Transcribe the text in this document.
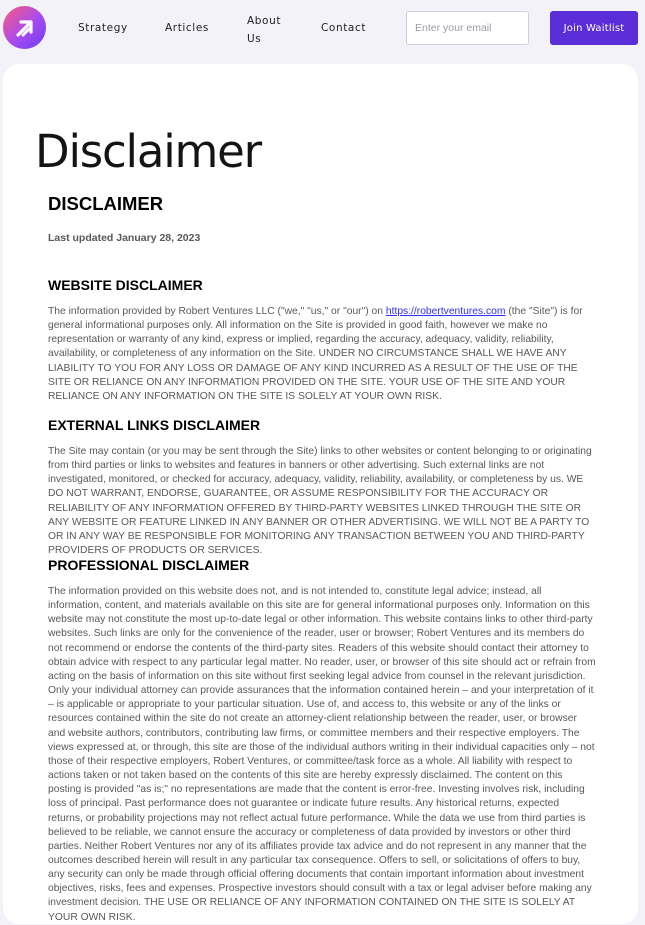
Strategy	Articles
About Us
Contact
Enter your email	Join Waitlist
Disclaimer
DISCLAIMER
Last updated January 28, 2023
WEBSITE DISCLAIMER

The information provided by Robert Ventures LLC ("we," "us," or "our") on https://robertventures.com (the "Site") is for general informational purposes only. All information on the Site is provided in good faith, however we make no representation or warranty of any kind, express or implied, regarding the accuracy, adequacy, validity, reliability, availability, or completeness of any information on the Site. UNDER NO CIRCUMSTANCE SHALL WE HAVE ANY LIABILITY TO YOU FOR ANY LOSS OR DAMAGE OF ANY KIND INCURRED AS A RESULT OF THE USE OF THE SITE OR RELIANCE ON ANY INFORMATION PROVIDED ON THE SITE. YOUR USE OF THE SITE AND YOUR RELIANCE ON ANY INFORMATION ON THE SITE IS SOLELY AT YOUR OWN RISK.

EXTERNAL LINKS DISCLAIMER

The Site may contain (or you may be sent through the Site) links to other websites or content belonging to or originating from third parties or links to websites and features in banners or other advertising. Such external links are not investigated, monitored, or checked for accuracy, adequacy, validity, reliability, availability, or completeness by us. WE DO NOT WARRANT, ENDORSE, GUARANTEE, OR ASSUME RESPONSIBILITY FOR THE ACCURACY OR RELIABILITY OF ANY INFORMATION OFFERED BY THIRD-PARTY WEBSITES LINKED THROUGH THE SITE OR ANY WEBSITE OR FEATURE LINKED IN ANY BANNER OR OTHER ADVERTISING. WE WILL NOT BE A PARTY TO OR IN ANY WAY BE RESPONSIBLE FOR MONITORING ANY TRANSACTION BETWEEN YOU AND THIRD-PARTY PROVIDERS OF PRODUCTS OR SERVICES.

PROFESSIONAL DISCLAIMER

The information provided on this website does not, and is not intended to, constitute legal advice; instead, all information, content, and materials available on this site are for general informational purposes only. Information on this website may not constitute the most up-to-date legal or other information. This website contains links to other third-party websites. Such links are only for the convenience of the reader, user or browser; Robert Ventures and its members do not recommend or endorse the contents of the third-party sites. Readers of this website should contact their attorney to obtain advice with respect to any particular legal matter. No reader, user, or browser of this site should act or refrain from acting on the basis of information on this site without first seeking legal advice from counsel in the relevant jurisdiction. Only your individual attorney can provide assurances that the information contained herein – and your interpretation of it – is applicable or appropriate to your particular situation. Use of, and access to, this website or any of the links or resources contained within the site do not create an attorney-client relationship between the reader, user, or browser and website authors, contributors, contributing law firms, or committee members and their respective employers. The views expressed at, or through, this site are those of the individual authors writing in their individual capacities only – not those of their respective employers, Robert Ventures, or committee/task force as a whole. All liability with respect to actions taken or not taken based on the contents of this site are hereby expressly disclaimed. The content on this posting is provided "as is;" no representations are made that the content is error-free. Investing involves risk, including loss of principal. Past performance does not guarantee or indicate future results. Any historical returns, expected returns, or probability projections may not reflect actual future performance. While the data we use from third parties is believed to be reliable, we cannot ensure the accuracy or completeness of data provided by investors or other third parties. Neither Robert Ventures nor any of its affiliates provide tax advice and do not represent in any manner that the outcomes described herein will result in any particular tax consequence. Offers to sell, or solicitations of offers to buy, any security can only be made through official offering documents that contain important information about investment objectives, risks, fees and expenses. Prospective investors should consult with a tax or legal adviser before making any investment decision. THE USE OR RELIANCE OF ANY INFORMATION CONTAINED ON THE SITE IS SOLELY AT YOUR OWN RISK.
